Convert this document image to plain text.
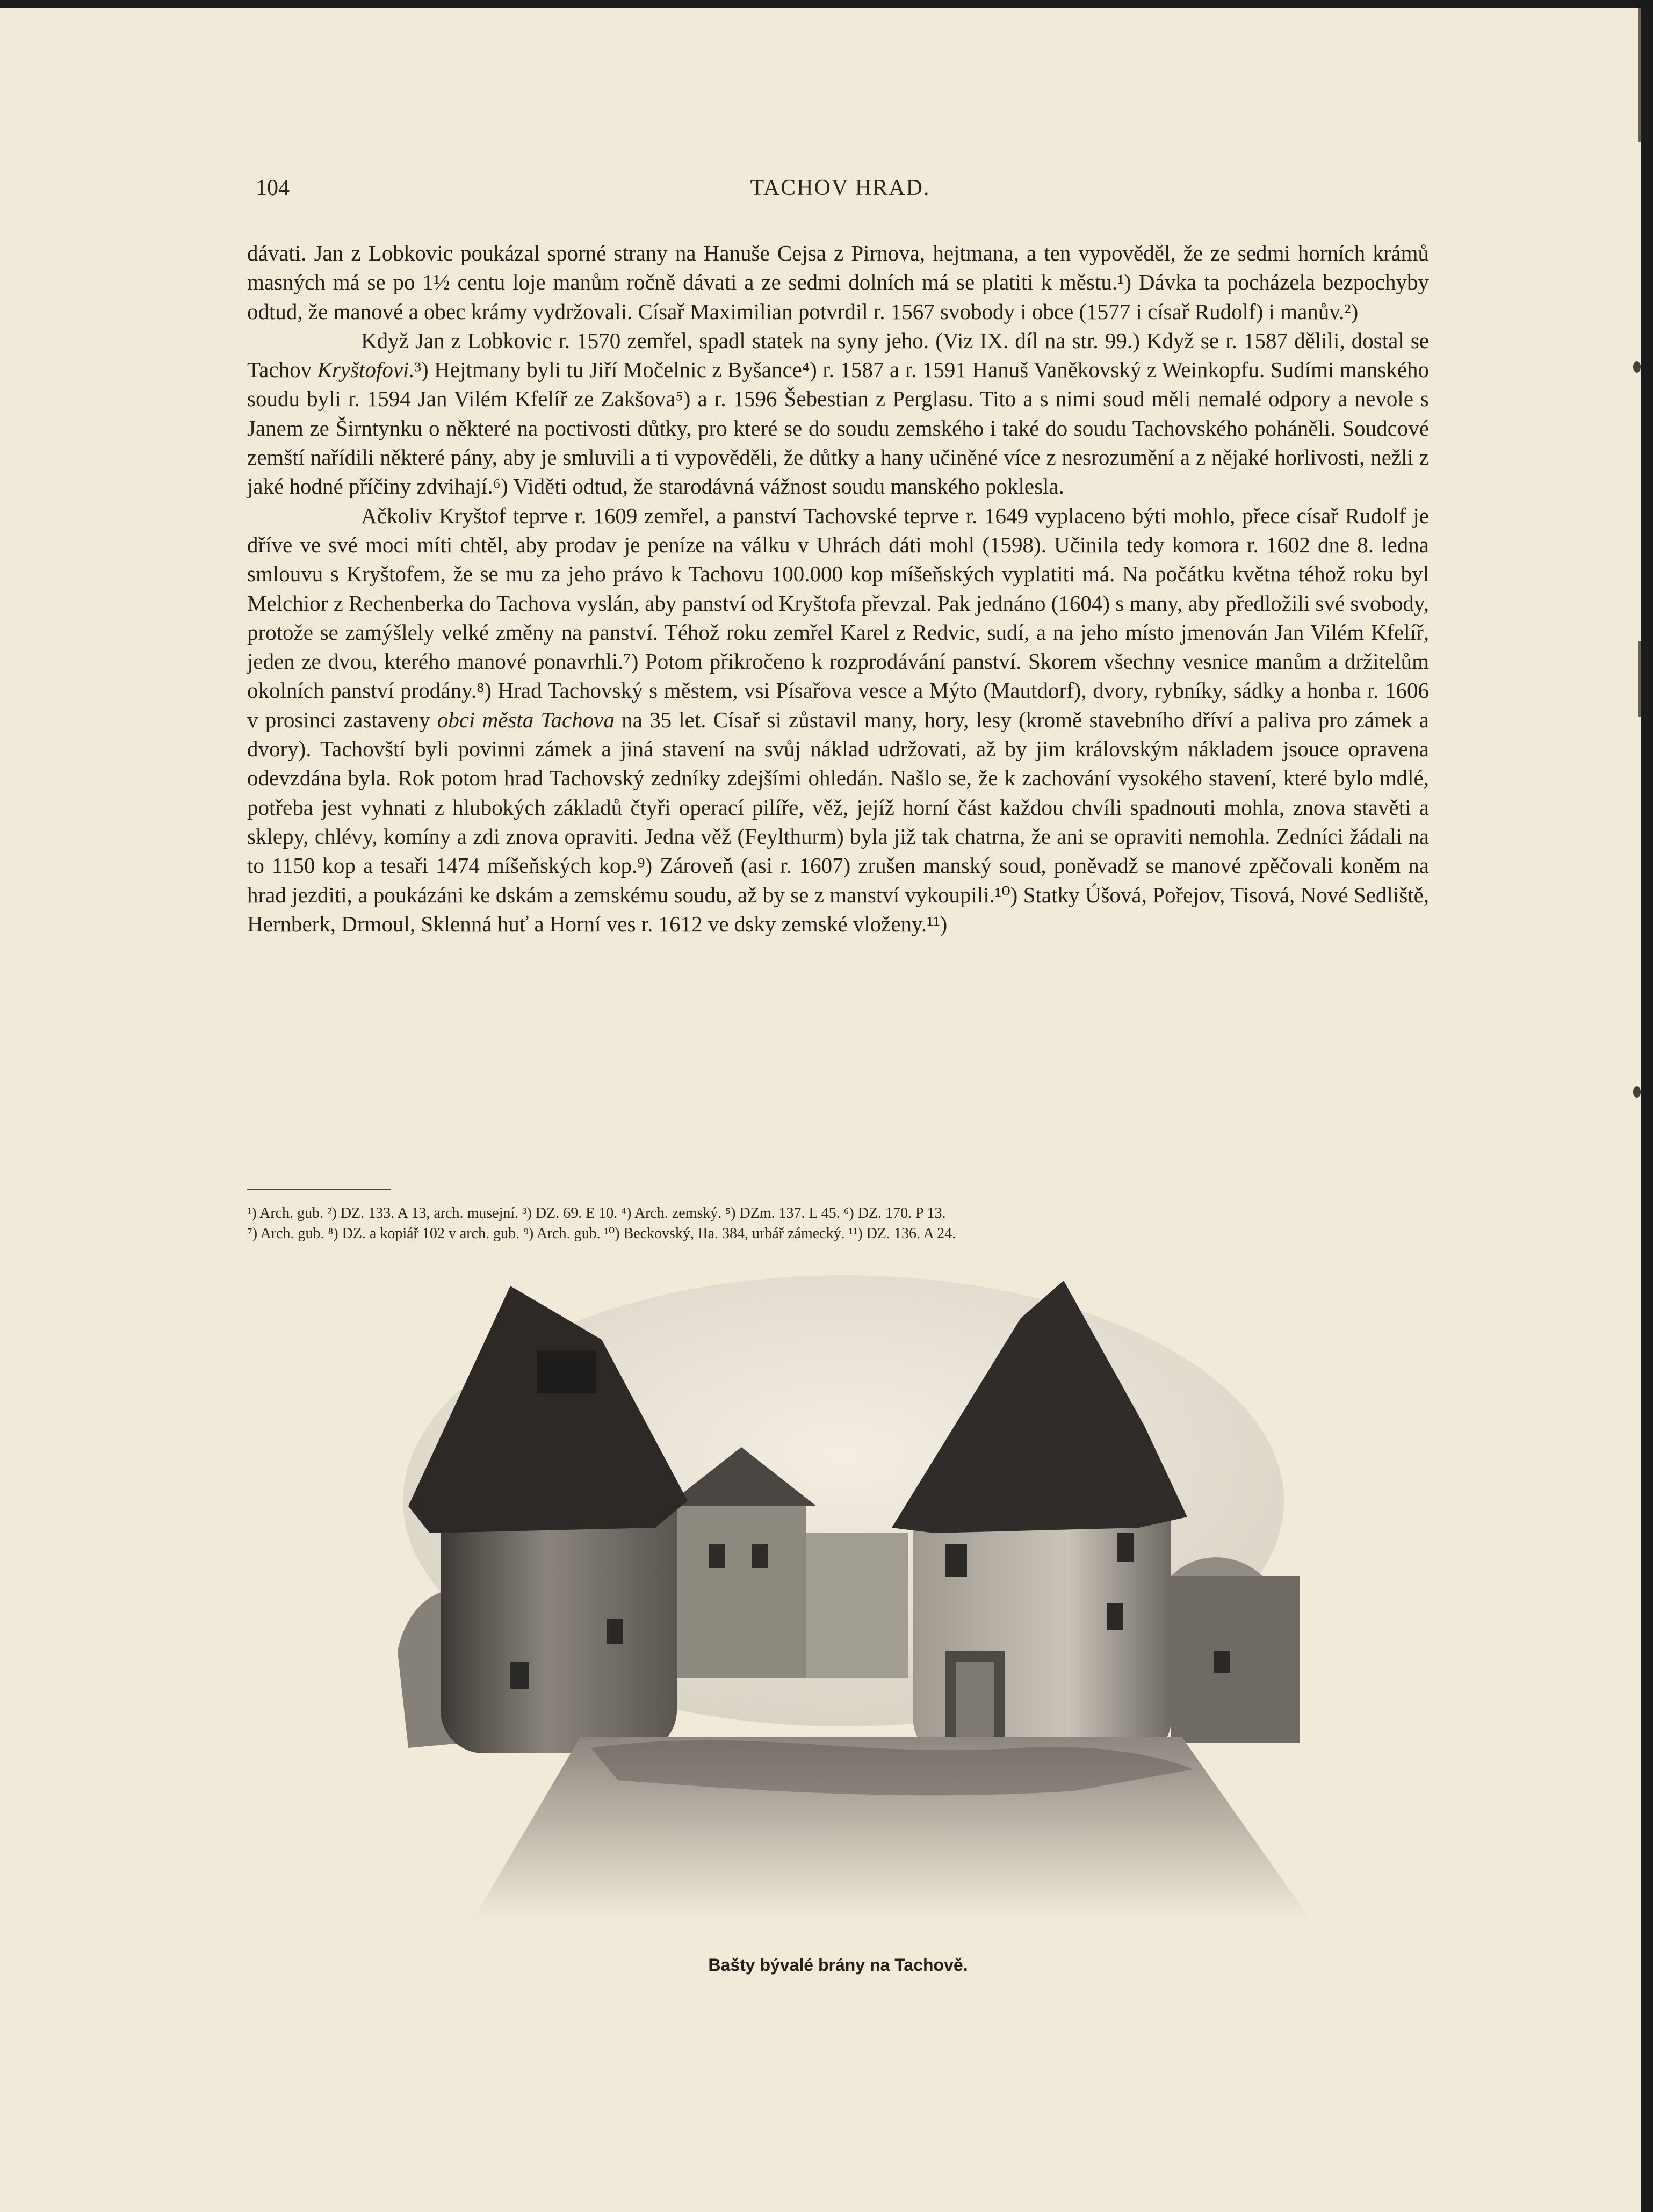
104	TACHOV HRAD.

dávati. Jan z Lobkovic poukázal sporné strany na Hanuše Cejsa z Pirnova, hejtmana, a ten vypověděl, že ze sedmi horních krámů masných má se po 1½ centu loje manům ročně dávati a ze sedmi dolních má se platiti k městu.¹) Dávka ta pocházela bezpochyby odtud, že manové a obec krámy vydržovali. Císař Maximilian potvrdil r. 1567 svobody i obce (1577 i císař Rudolf) i manův.²)

Když Jan z Lobkovic r. 1570 zemřel, spadl statek na syny jeho. (Viz IX. díl na str. 99.) Když se r. 1587 dělili, dostal se Tachov Kryštofovi.³) Hejtmany byli tu Jiří Močelnic z Byšance⁴) r. 1587 a r. 1591 Hanuš Vaněkovský z Weinkopfu. Sudími manského soudu byli r. 1594 Jan Vilém Kfelíř ze Zakšova⁵) a r. 1596 Šebestian z Perglasu. Tito a s nimi soud měli nemalé odpory a nevole s Janem ze Širntynku o některé na poctivosti důtky, pro které se do soudu zemského i také do soudu Tachovského poháněli. Soudcové zemští nařídili některé pány, aby je smluvili a ti vypověděli, že důtky a hany učiněné více z nesrozumění a z nějaké horlivosti, nežli z jaké hodné příčiny zdvihají.⁶) Viděti odtud, že starodávná vážnost soudu manského poklesla.

Ačkoliv Kryštof teprve r. 1609 zemřel, a panství Tachovské teprve r. 1649 vyplaceno býti mohlo, přece císař Rudolf je dříve ve své moci míti chtěl, aby prodav je peníze na válku v Uhrách dáti mohl (1598). Učinila tedy komora r. 1602 dne 8. ledna smlouvu s Kryštofem, že se mu za jeho právo k Tachovu 100.000 kop míšeňských vyplatiti má. Na počátku května téhož roku byl Melchior z Rechenberka do Tachova vyslán, aby panství od Kryštofa převzal. Pak jednáno (1604) s many, aby předložili své svobody, protože se zamýšlely velké změny na panství. Téhož roku zemřel Karel z Redvic, sudí, a na jeho místo jmenován Jan Vilém Kfelíř, jeden ze dvou, kterého manové ponavrhli.⁷) Potom přikročeno k rozprodávání panství. Skorem všechny vesnice manům a držitelům okolních panství prodány.⁸) Hrad Tachovský s městem, vsi Písařova vesce a Mýto (Mautdorf), dvory, rybníky, sádky a honba r. 1606 v prosinci zastaveny obci města Tachova na 35 let. Císař si zůstavil many, hory, lesy (kromě stavebního dříví a paliva pro zámek a dvory). Tachovští byli povinni zámek a jiná stavení na svůj náklad udržovati, až by jim královským nákladem jsouce opravena odevzdána byla. Rok potom hrad Tachovský zedníky zdejšími ohledán. Našlo se, že k zachování vysokého stavení, které bylo mdlé, potřeba jest vyhnati z hlubokých základů čtyři operací pilíře, věž, jejíž horní část každou chvíli spadnouti mohla, znova stavěti a sklepy, chlévy, komíny a zdi znova opraviti. Jedna věž (Feylthurm) byla již tak chatrna, že ani se opraviti nemohla. Zedníci žádali na to 1150 kop a tesaři 1474 míšeňských kop.⁹) Zároveň (asi r. 1607) zrušen manský soud, poněvadž se manové zpěčovali koněm na hrad jezditi, a poukázáni ke dskám a zemskému soudu, až by se z manství vykoupili.¹⁰) Statky Úšová, Pořejov, Tisová, Nové Sedliště, Hernberk, Drmoul, Sklenná huť a Horní ves r. 1612 ve dsky zemské vloženy.¹¹)

¹) Arch. gub. ²) DZ. 133. A 13, arch. musejní. ³) DZ. 69. E 10. ⁴) Arch. zemský. ⁵) DZm. 137. L 45. ⁶) DZ. 170. P 13.
⁷) Arch. gub. ⁸) DZ. a kopiář 102 v arch. gub. ⁹) Arch. gub. ¹⁰) Beckovský, IIa. 384, urbář zámecký. ¹¹) DZ. 136. A 24.
Bašty bývalé brány na Tachově.
